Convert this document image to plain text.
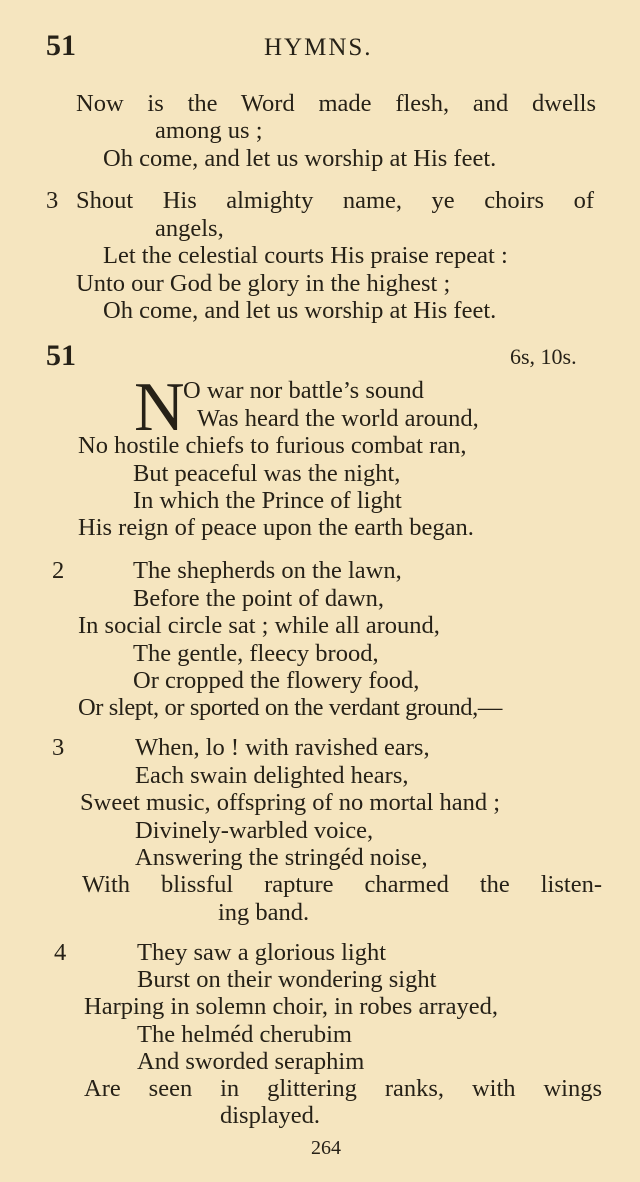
51	HYMNS.
Now is the Word made flesh, and dwells
among us ;
Oh come, and let us worship at His feet.
3 Shout His almighty name, ye choirs of
angels,
Let the celestial courts His praise repeat :
Unto our God be glory in the highest ;
Oh come, and let us worship at His feet.
51	6s, 10s.
N
O war nor battle’s sound
Was heard the world around,
No hostile chiefs to furious combat ran,
But peaceful was the night,
In which the Prince of light
His reign of peace upon the earth began.
2	The shepherds on the lawn,
Before the point of dawn,
In social circle sat ; while all around,
The gentle, fleecy brood,
Or cropped the flowery food,
Or slept, or sported on the verdant ground,—
3	When, lo ! with ravished ears,
Each swain delighted hears,
Sweet music, offspring of no mortal hand ;
Divinely-warbled voice,
Answering the stringéd noise,
With blissful rapture charmed the listen-
ing band.
4	They saw a glorious light
Burst on their wondering sight
Harping in solemn choir, in robes arrayed,
The helméd cherubim
And sworded seraphim
Are seen in glittering ranks, with wings
displayed.
264
